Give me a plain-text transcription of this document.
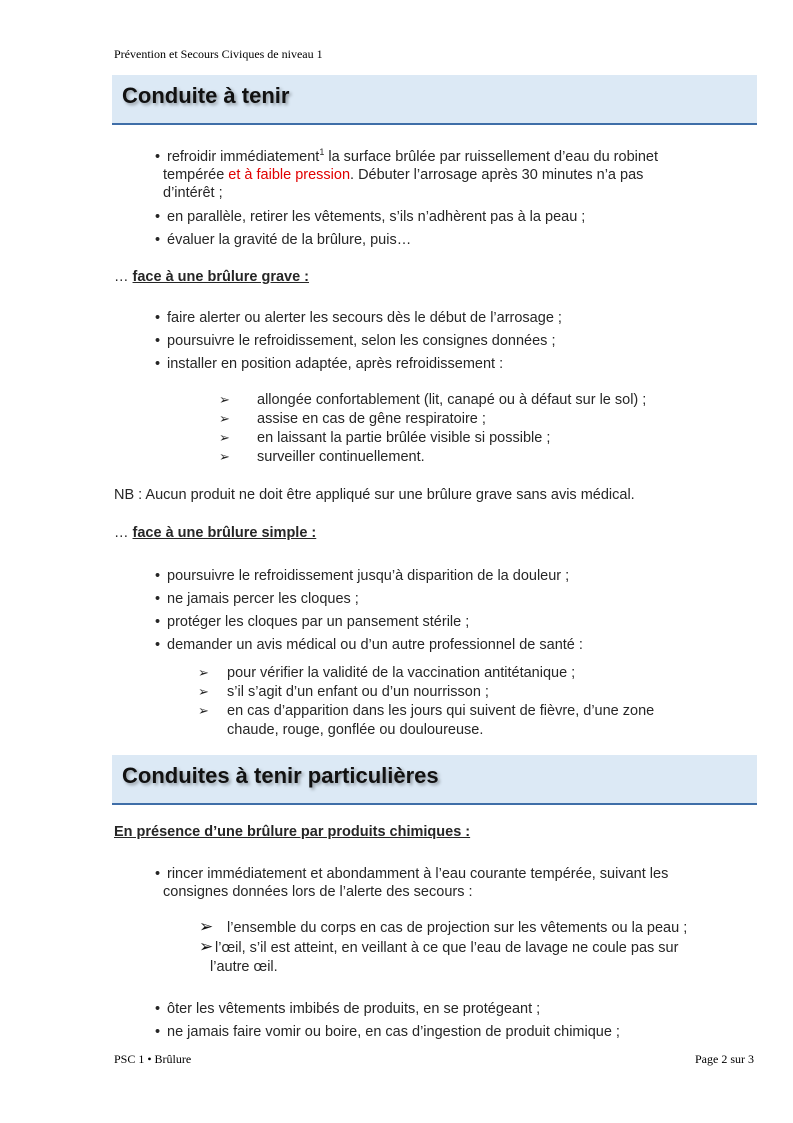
Prévention et Secours Civiques de niveau 1
Conduite à tenir
• refroidir immédiatement$^1$ la surface brûlée par ruissellement d’eau du robinet
tempérée et à faible pression. Débuter l’arrosage après 30 minutes n’a pas
d’intérêt ;
• en parallèle, retirer les vêtements, s’ils n’adhèrent pas à la peau ;
• évaluer la gravité de la brûlure, puis…
… face à une brûlure grave :
• faire alerter ou alerter les secours dès le début de l’arrosage ;
• poursuivre le refroidissement, selon les consignes données ;
• installer en position adaptée, après refroidissement :
➢ allongée confortablement (lit, canapé ou à défaut sur le sol) ;
➢ assise en cas de gêne respiratoire ;
➢ en laissant la partie brûlée visible si possible ;
➢ surveiller continuellement.
NB : Aucun produit ne doit être appliqué sur une brûlure grave sans avis médical.
… face à une brûlure simple :
• poursuivre le refroidissement jusqu’à disparition de la douleur ;
• ne jamais percer les cloques ;
• protéger les cloques par un pansement stérile ;
• demander un avis médical ou d’un autre professionnel de santé :
➢ pour vérifier la validité de la vaccination antitétanique ;
➢ s’il s’agit d’un enfant ou d’un nourrisson ;
➢ en cas d’apparition dans les jours qui suivent de fièvre, d’une zone
chaude, rouge, gonflée ou douloureuse.
Conduites à tenir particulières
En présence d’une brûlure par produits chimiques :
• rincer immédiatement et abondamment à l’eau courante tempérée, suivant les
consignes données lors de l’alerte des secours :
➢ l’ensemble du corps en cas de projection sur les vêtements ou la peau ;
➢ l’œil, s’il est atteint, en veillant à ce que l’eau de lavage ne coule pas sur
l’autre œil.
• ôter les vêtements imbibés de produits, en se protégeant ;
• ne jamais faire vomir ou boire, en cas d’ingestion de produit chimique ;
PSC 1 • Brûlure	Page 2 sur 3
